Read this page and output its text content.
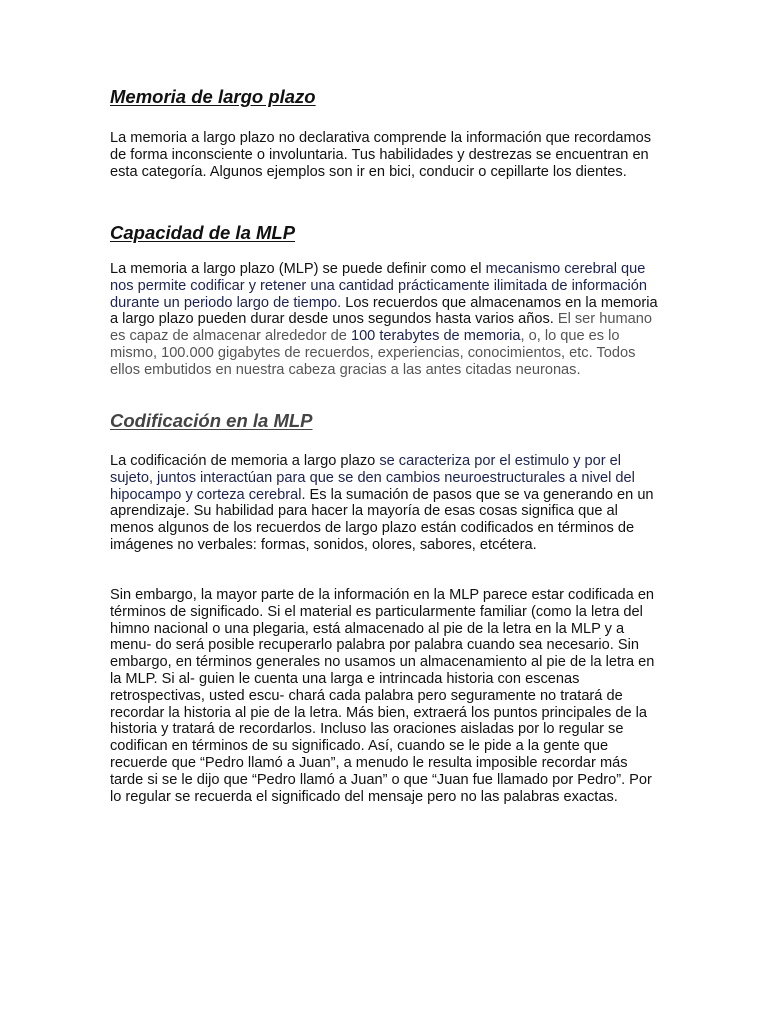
Memoria de largo plazo

La memoria a largo plazo no declarativa comprende la información que recordamos de forma inconsciente o involuntaria. Tus habilidades y destrezas se encuentran en esta categoría. Algunos ejemplos son ir en bici, conducir o cepillarte los dientes.

Capacidad de la MLP

La memoria a largo plazo (MLP) se puede definir como el mecanismo cerebral que nos permite codificar y retener una cantidad prácticamente ilimitada de información durante un periodo largo de tiempo. Los recuerdos que almacenamos en la memoria a largo plazo pueden durar desde unos segundos hasta varios años. El ser humano es capaz de almacenar alrededor de 100 terabytes de memoria, o, lo que es lo mismo, 100.000 gigabytes de recuerdos, experiencias, conocimientos, etc. Todos ellos embutidos en nuestra cabeza gracias a las antes citadas neuronas.

Codificación en la MLP

La codificación de memoria a largo plazo se caracteriza por el estimulo y por el sujeto, juntos interactúan para que se den cambios neuroestructurales a nivel del hipocampo y corteza cerebral. Es la sumación de pasos que se va generando en un aprendizaje. Su habilidad para hacer la mayoría de esas cosas significa que al menos algunos de los recuerdos de largo plazo están codificados en términos de imágenes no verbales: formas, sonidos, olores, sabores, etcétera.

Sin embargo, la mayor parte de la información en la MLP parece estar codificada en términos de significado. Si el material es particularmente familiar (como la letra del himno nacional o una plegaria, está almacenado al pie de la letra en la MLP y a menu- do será posible recuperarlo palabra por palabra cuando sea necesario. Sin embargo, en términos generales no usamos un almacenamiento al pie de la letra en la MLP. Si al- guien le cuenta una larga e intrincada historia con escenas retrospectivas, usted escu- chará cada palabra pero seguramente no tratará de recordar la historia al pie de la letra. Más bien, extraerá los puntos principales de la historia y tratará de recordarlos. Incluso las oraciones aisladas por lo regular se codifican en términos de su significado. Así, cuando se le pide a la gente que recuerde que “Pedro llamó a Juan”, a menudo le resulta imposible recordar más tarde si se le dijo que “Pedro llamó a Juan” o que “Juan fue llamado por Pedro”. Por lo regular se recuerda el significado del mensaje pero no las palabras exactas.
